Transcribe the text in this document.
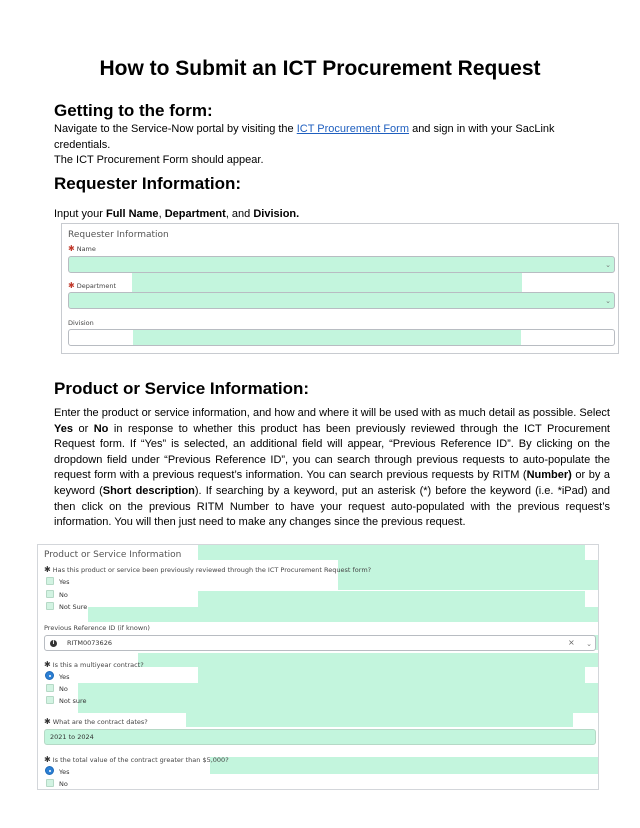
How to Submit an ICT Procurement Request
Getting to the form:
Navigate to the Service-Now portal by visiting the ICT Procurement Form and sign in with your SacLink credentials.
The ICT Procurement Form should appear.
Requester Information:
Input your Full Name, Department, and Division.
Requester Information
✱ Name
⌄
✱ Department
⌄
Division
Product or Service Information:
Enter the product or service information, and how and where it will be used with as much detail as possible. Select Yes or No in response to whether this product has been previously reviewed through the ICT Procurement Request form. If “Yes” is selected, an additional field will appear, “Previous Reference ID”. By clicking on the dropdown field under “Previous Reference ID”, you can search through previous requests to auto-populate the request form with a previous request’s information. You can search previous requests by RITM (Number) or by a keyword (Short description). If searching by a keyword, put an asterisk (*) before the keyword (i.e. *iPad) and then click on the previous RITM Number to have your request auto-populated with the previous request’s information. You will then just need to make any changes since the previous request.
Product or Service Information
✱ Has this product or service been previously reviewed through the ICT Procurement Request form?
Yes
No
Not Sure
Previous Reference ID (if known)
i	RITM0073626	× ⌄
✱ Is this a multiyear contract?
Yes
No
Not sure
✱ What are the contract dates?
2021 to 2024
✱ Is the total value of the contract greater than $5,000?
Yes
No
